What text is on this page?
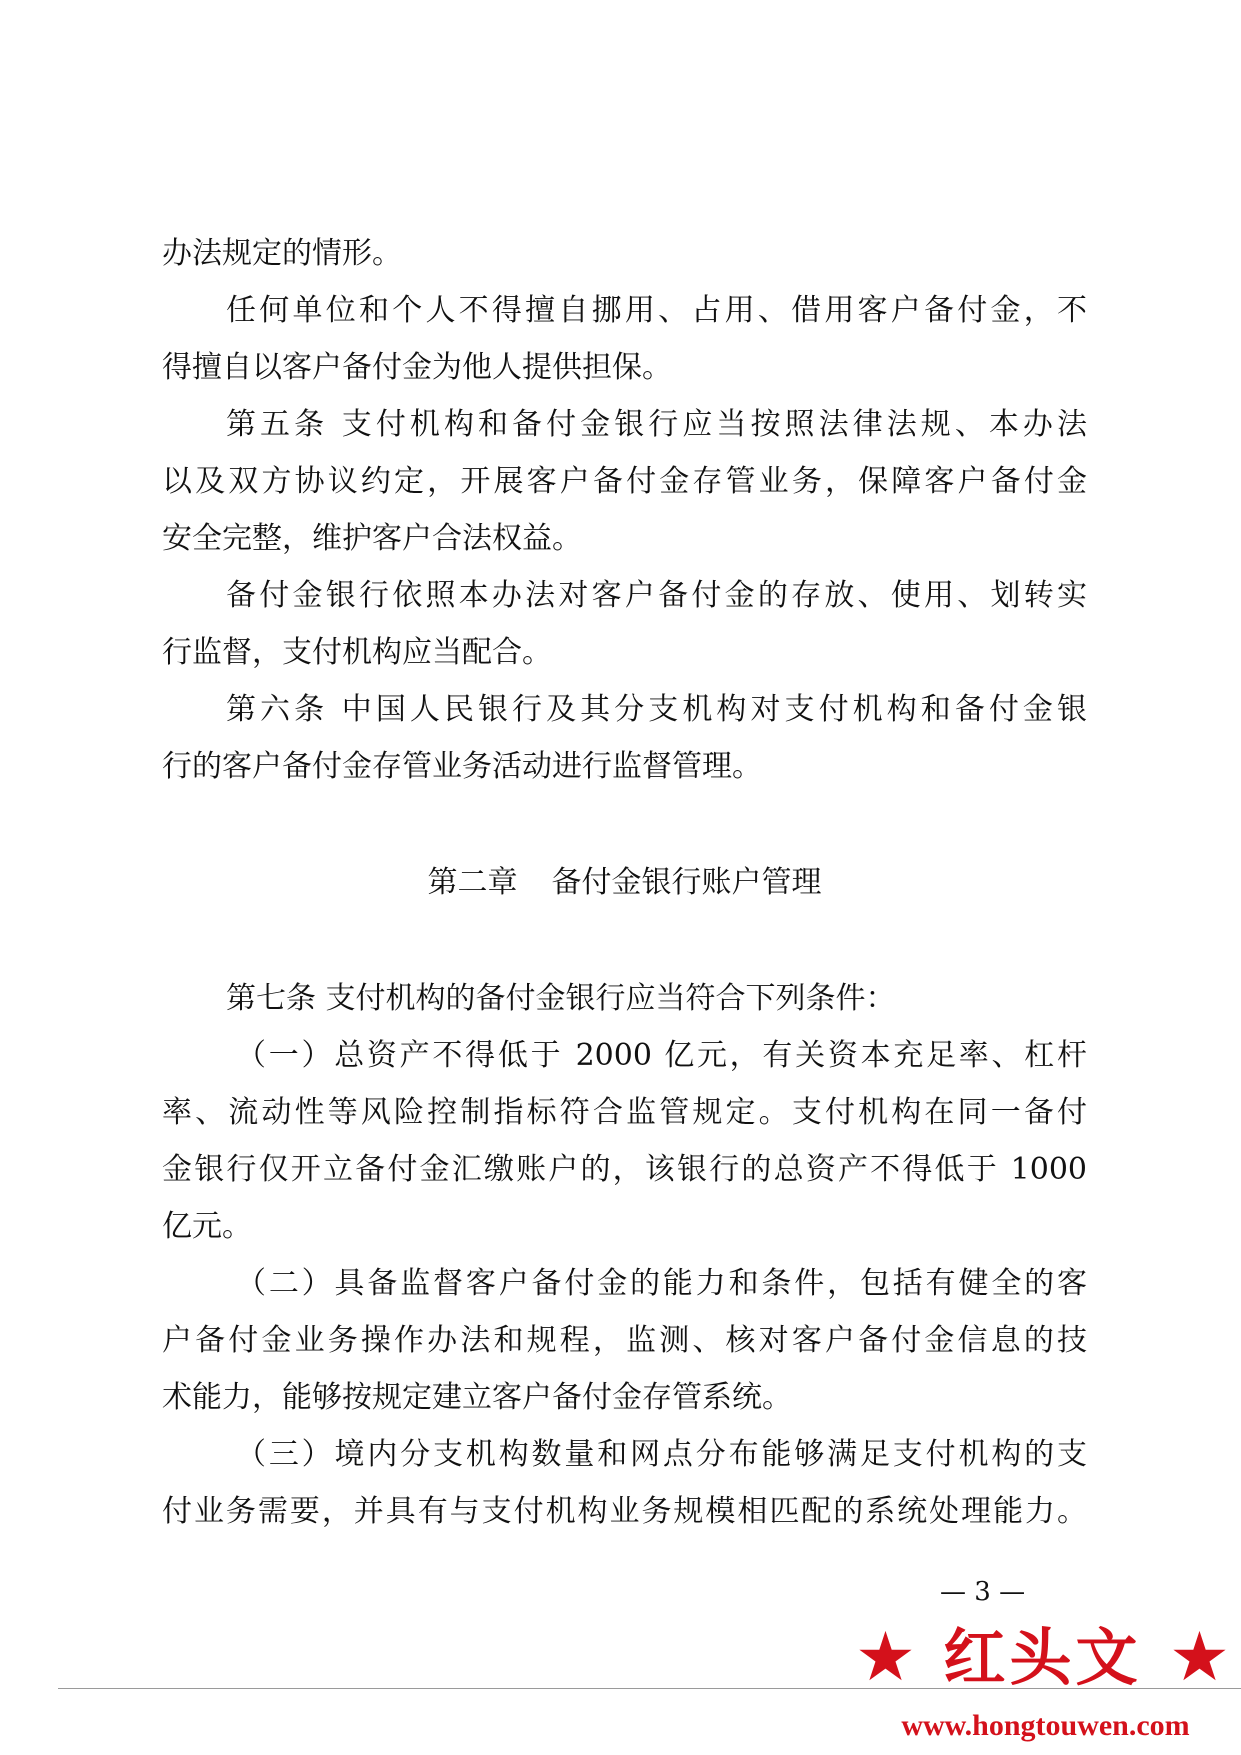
办法规定的情形。
任何单位和个人不得擅自挪用、占用、借用客户备付金，不
得擅自以客户备付金为他人提供担保。
第五条 支付机构和备付金银行应当按照法律法规、本办法
以及双方协议约定，开展客户备付金存管业务，保障客户备付金
安全完整，维护客户合法权益。
备付金银行依照本办法对客户备付金的存放、使用、划转实
行监督，支付机构应当配合。
第六条 中国人民银行及其分支机构对支付机构和备付金银
行的客户备付金存管业务活动进行监督管理。
第二章 备付金银行账户管理
第七条 支付机构的备付金银行应当符合下列条件：
（一）总资产不得低于 2000 亿元，有关资本充足率、杠杆
率、流动性等风险控制指标符合监管规定。支付机构在同一备付
金银行仅开立备付金汇缴账户的，该银行的总资产不得低于 1000
亿元。
（二）具备监督客户备付金的能力和条件，包括有健全的客
户备付金业务操作办法和规程，监测、核对客户备付金信息的技
术能力，能够按规定建立客户备付金存管系统。
（三）境内分支机构数量和网点分布能够满足支付机构的支
付业务需要，并具有与支付机构业务规模相匹配的系统处理能力。
— 3 —
★ 红头文 ★
www.hongtouwen.com
